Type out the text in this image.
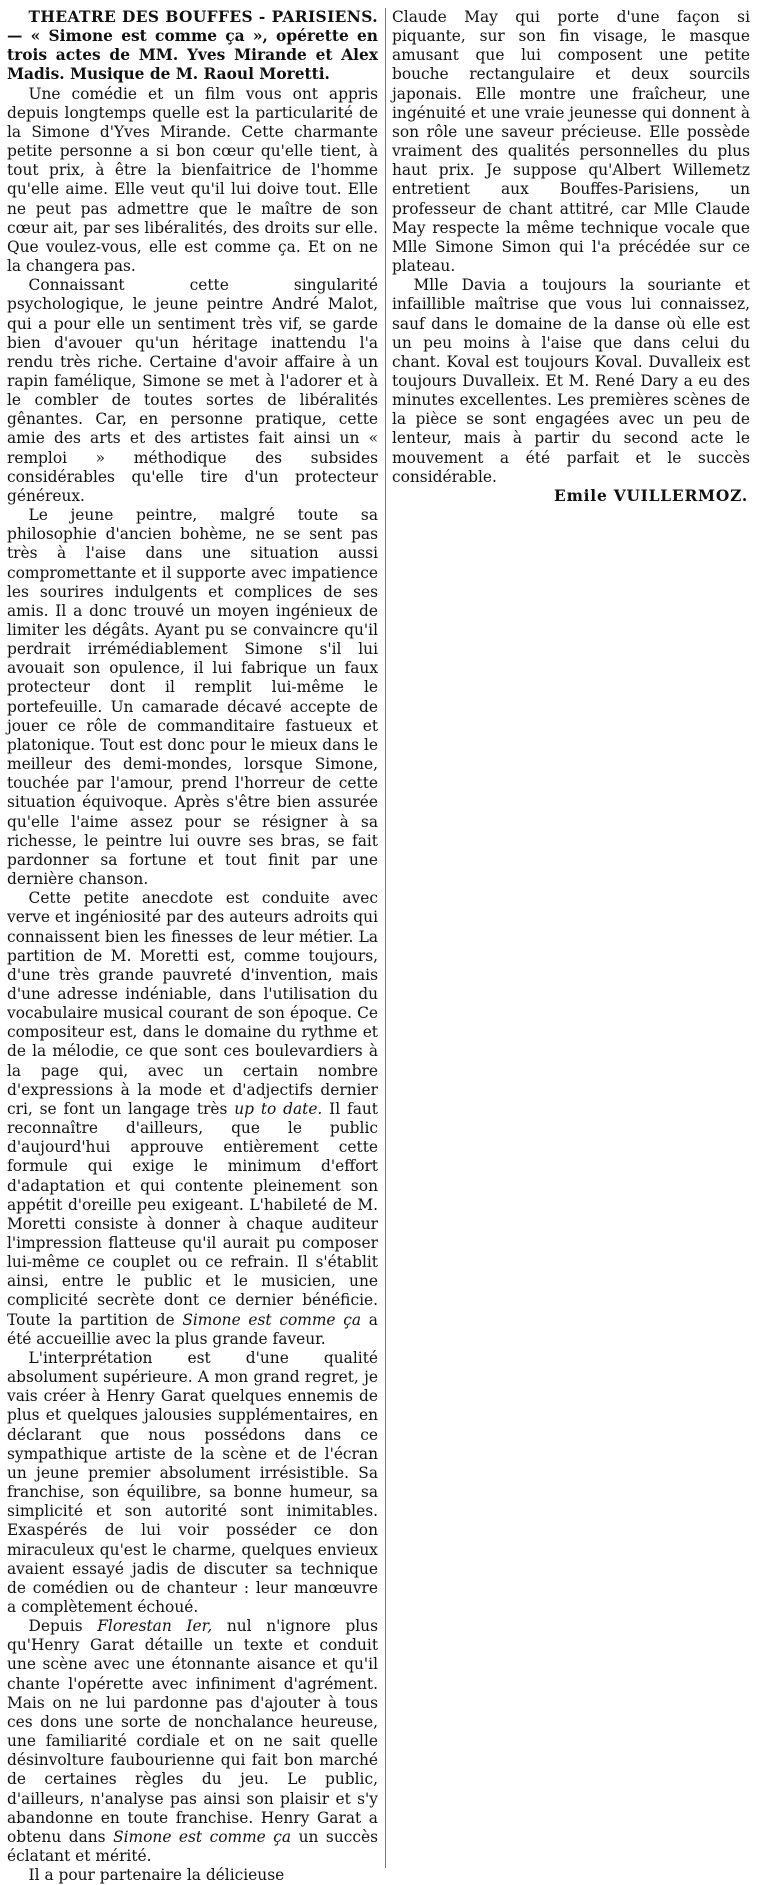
THEATRE DES BOUFFES - PARISIENS. — « Simone est comme ça », opérette en trois actes de MM. Yves Mirande et Alex Madis. Musique de M. Raoul Moretti.

Une comédie et un film vous ont appris depuis longtemps quelle est la particularité de la Simone d'Yves Mirande. Cette charmante petite personne a si bon cœur qu'elle tient, à tout prix, à être la bienfaitrice de l'homme qu'elle aime. Elle veut qu'il lui doive tout. Elle ne peut pas admettre que le maître de son cœur ait, par ses libéralités, des droits sur elle. Que voulez-vous, elle est comme ça. Et on ne la changera pas.

Connaissant cette singularité psychologique, le jeune peintre André Malot, qui a pour elle un sentiment très vif, se garde bien d'avouer qu'un héritage inattendu l'a rendu très riche. Certaine d'avoir affaire à un rapin famélique, Simone se met à l'adorer et à le combler de toutes sortes de libéralités gênantes. Car, en personne pratique, cette amie des arts et des artistes fait ainsi un « remploi » méthodique des subsides considérables qu'elle tire d'un protecteur généreux.

Le jeune peintre, malgré toute sa philosophie d'ancien bohème, ne se sent pas très à l'aise dans une situation aussi compromettante et il supporte avec impatience les sourires indulgents et complices de ses amis. Il a donc trouvé un moyen ingénieux de limiter les dégâts. Ayant pu se convaincre qu'il perdrait irrémédiablement Simone s'il lui avouait son opulence, il lui fabrique un faux protecteur dont il remplit lui-même le portefeuille. Un camarade décavé accepte de jouer ce rôle de commanditaire fastueux et platonique. Tout est donc pour le mieux dans le meilleur des demi-mondes, lorsque Simone, touchée par l'amour, prend l'horreur de cette situation équivoque. Après s'être bien assurée qu'elle l'aime assez pour se résigner à sa richesse, le peintre lui ouvre ses bras, se fait pardonner sa fortune et tout finit par une dernière chanson.

Cette petite anecdote est conduite avec verve et ingéniosité par des auteurs adroits qui connaissent bien les finesses de leur métier. La partition de M. Moretti est, comme toujours, d'une très grande pauvreté d'invention, mais d'une adresse indéniable, dans l'utilisation du vocabulaire musical courant de son époque. Ce compositeur est, dans le domaine du rythme et de la mélodie, ce que sont ces boulevardiers à la page qui, avec un certain nombre d'expressions à la mode et d'adjectifs dernier cri, se font un langage très up to date. Il faut reconnaître d'ailleurs, que le public d'aujourd'hui approuve entièrement cette formule qui exige le minimum d'effort d'adaptation et qui contente pleinement son appétit d'oreille peu exigeant. L'habileté de M. Moretti consiste à donner à chaque auditeur l'impression flatteuse qu'il aurait pu composer lui-même ce couplet ou ce refrain. Il s'établit ainsi, entre le public et le musicien, une complicité secrète dont ce dernier bénéficie. Toute la partition de Simone est comme ça a été accueillie avec la plus grande faveur.

L'interprétation est d'une qualité absolument supérieure. A mon grand regret, je vais créer à Henry Garat quelques ennemis de plus et quelques jalousies supplémentaires, en déclarant que nous possédons dans ce sympathique artiste de la scène et de l'écran un jeune premier absolument irrésistible. Sa franchise, son équilibre, sa bonne humeur, sa simplicité et son autorité sont inimitables. Exaspérés de lui voir posséder ce don miraculeux qu'est le charme, quelques envieux avaient essayé jadis de discuter sa technique de comédien ou de chanteur : leur manœuvre a complètement échoué.

Depuis Florestan Ier, nul n'ignore plus qu'Henry Garat détaille un texte et conduit une scène avec une étonnante aisance et qu'il chante l'opérette avec infiniment d'agrément. Mais on ne lui pardonne pas d'ajouter à tous ces dons une sorte de nonchalance heureuse, une familiarité cordiale et on ne sait quelle désinvolture faubourienne qui fait bon marché de certaines règles du jeu. Le public, d'ailleurs, n'analyse pas ainsi son plaisir et s'y abandonne en toute franchise. Henry Garat a obtenu dans Simone est comme ça un succès éclatant et mérité.

Il a pour partenaire la délicieuse

Claude May qui porte d'une façon si piquante, sur son fin visage, le masque amusant que lui composent une petite bouche rectangulaire et deux sourcils japonais. Elle montre une fraîcheur, une ingénuité et une vraie jeunesse qui donnent à son rôle une saveur précieuse. Elle possède vraiment des qualités personnelles du plus haut prix. Je suppose qu'Albert Willemetz entretient aux Bouffes-Parisiens, un professeur de chant attitré, car Mlle Claude May respecte la même technique vocale que Mlle Simone Simon qui l'a précédée sur ce plateau.

Mlle Davia a toujours la souriante et infaillible maîtrise que vous lui connaissez, sauf dans le domaine de la danse où elle est un peu moins à l'aise que dans celui du chant. Koval est toujours Koval. Duvalleix est toujours Duvalleix. Et M. René Dary a eu des minutes excellentes. Les premières scènes de la pièce se sont engagées avec un peu de lenteur, mais à partir du second acte le mouvement a été parfait et le succès considérable.

Emile VUILLERMOZ.
